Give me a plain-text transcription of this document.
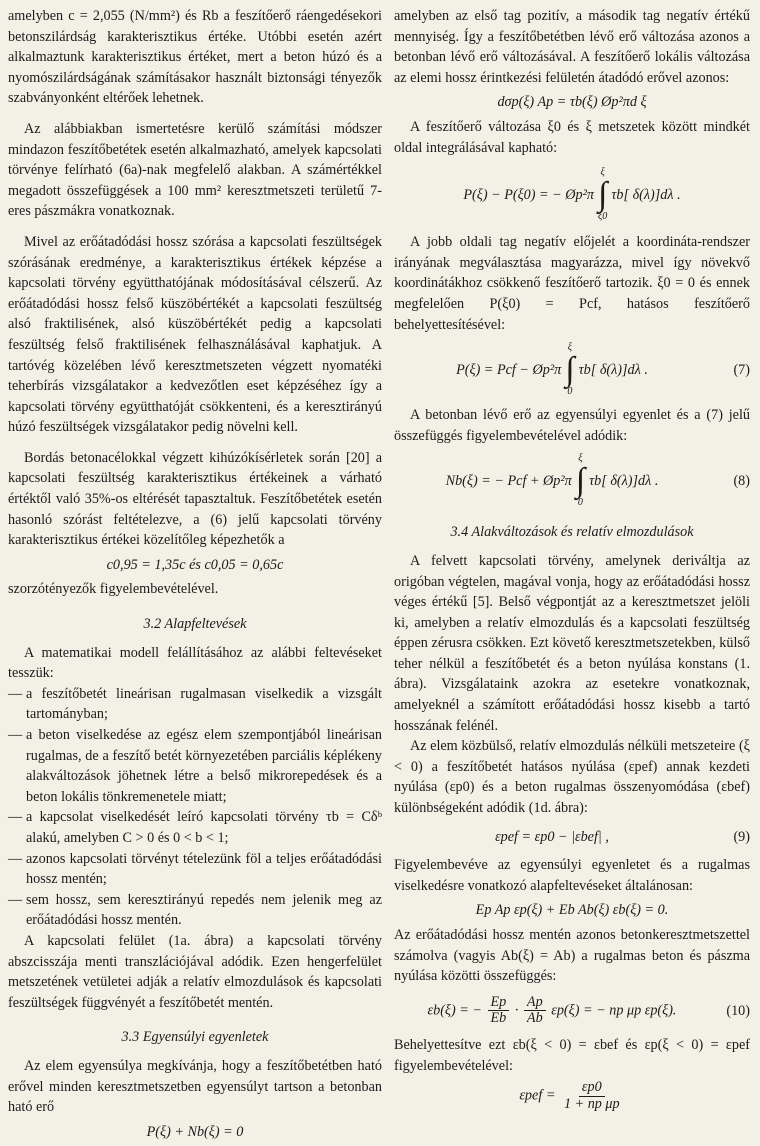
amelyben c = 2,055 (N/mm²) és Rb a feszítőerő ráengedésekori betonszilárdság karakterisztikus értéke. Utóbbi esetén azért alkalmaztunk karakterisztikus értéket, mert a beton húzó és a nyomószilárdságának számításakor használt biztonsági tényezők szabványonként eltérőek lehetnek.

Az alábbiakban ismertetésre kerülő számítási módszer mindazon feszítőbetétek esetén alkalmazható, amelyek kapcsolati törvénye felírható (6a)-nak megfelelő alakban. A számértékkel megadott összefüggések a 100 mm² keresztmetszeti területű 7-eres pászmákra vonatkoznak.

Mivel az erőátadódási hossz szórása a kapcsolati feszültségek szórásának eredménye, a karakterisztikus értékek képzése a kapcsolati törvény együtthatójának módosításával célszerű. Az erőátadódási hossz felső küszöbértékét a kapcsolati feszültség alsó fraktilisének, alsó küszöbértékét pedig a kapcsolati feszültség felső fraktilisének felhasználásával kaphatjuk. A tartóvég közelében lévő keresztmetszeten végzett nyomatéki teherbírás vizsgálatakor a kedvezőtlen eset képzéséhez így a kapcsolati törvény együtthatóját csökkenteni, és a keresztirányú húzó feszültségek vizsgálatakor pedig növelni kell.

Bordás betonacélokkal végzett kihúzókísérletek során [20] a kapcsolati feszültség karakterisztikus értékeinek a várható értéktől való 35%-os eltérését tapasztaltuk. Feszítőbetétek esetén hasonló szórást feltételezve, a (6) jelű kapcsolati törvény karakterisztikus értékei közelítőleg képezhetők a

c0,95 = 1,35c és c0,05 = 0,65c

szorzótényezők figyelembevételével.

3.2 Alapfeltevések

A matematikai modell felállításához az alábbi feltevéseket tesszük:

— a feszítőbetét lineárisan rugalmasan viselkedik a vizsgált tartományban;
— a beton viselkedése az egész elem szempontjából lineárisan rugalmas, de a feszítő betét környezetében parciális képlékeny alakváltozások jöhetnek létre a belső mikrorepedések és a beton lokális tönkremenetele miatt;
— a kapcsolat viselkedését leíró kapcsolati törvény τb = Cδᵇ alakú, amelyben C > 0 és 0 < b < 1;
— azonos kapcsolati törvényt tételezünk föl a teljes erőátadódási hossz mentén;
— sem hossz, sem keresztirányú repedés nem jelenik meg az erőátadódási hossz mentén.

A kapcsolati felület (1a. ábra) a kapcsolati törvény abszcisszája menti transzlációjával adódik. Ezen hengerfelület metszetének vetületei adják a relatív elmozdulások és kapcsolati feszültségek függvényét a feszítőbetét mentén.

3.3 Egyensúlyi egyenletek

Az elem egyensúlya megkívánja, hogy a feszítőbetétben ható erővel minden keresztmetszetben egyensúlyt tartson a betonban ható erő

P(ξ) + Nb(ξ) = 0

amelyben az első tag pozitív, a második tag negatív értékű mennyiség. Így a feszítőbetétben lévő erő változása azonos a betonban lévő erő változásával. A feszítőerő lokális változása az elemi hossz érintkezési felületén átadódó erővel azonos:

dσp(ξ) Ap = τb(ξ) Øp²πd ξ

A feszítőerő változása ξ0 és ξ metszetek között mindkét oldal integrálásával kapható:

P(ξ) − P(ξ0) = − Øp²π
ξ
∫
ξ0
τb[ δ(λ)]dλ .

A jobb oldali tag negatív előjelét a koordináta-rendszer irányának megválasztása magyarázza, mivel így növekvő koordinátákhoz csökkenő feszítőerő tartozik. ξ0 = 0 és ennek megfelelően P(ξ0) = Pcf, hatásos feszítőerő behelyettesítésével:

P(ξ) = Pcf − Øp²π
ξ
∫
0
τb[ δ(λ)]dλ .	(7)

A betonban lévő erő az egyensúlyi egyenlet és a (7) jelű összefüggés figyelembevételével adódik:

Nb(ξ) = − Pcf + Øp²π
ξ
∫
0
τb[ δ(λ)]dλ .	(8)
3.4 Alakváltozások és relatív elmozdulások

A felvett kapcsolati törvény, amelynek deriváltja az origóban végtelen, magával vonja, hogy az erőátadódási hossz véges értékű [5]. Belső végpontját az a keresztmetszet jelöli ki, amelyben a relatív elmozdulás és a kapcsolati feszültség éppen zérusra csökken. Ezt követő keresztmetszetekben, külső teher nélkül a feszítőbetét és a beton nyúlása konstans (1. ábra). Vizsgálataink azokra az esetekre vonatkoznak, amelyeknél a számított erőátadódási hossz kisebb a tartó hosszának felénél.

Az elem közbülső, relatív elmozdulás nélküli metszeteire (ξ < 0) a feszítőbetét hatásos nyúlása (εpef) annak kezdeti nyúlása (εp0) és a beton rugalmas összenyomódása (εbef) különbségeként adódik (1d. ábra):

εpef = εp0 − |εbef| ,	(9)

Figyelembevéve az egyensúlyi egyenletet és a rugalmas viselkedésre vonatkozó alapfeltevéseket általánosan:

Ep Ap εp(ξ) + Eb Ab(ξ) εb(ξ) = 0.

Az erőátadódási hossz mentén azonos betonkeresztmetszettel számolva (vagyis Ab(ξ) = Ab) a rugalmas beton és pászma nyúlása közötti összefüggés:

εb(ξ) = − $\frac{Ep}{Eb} \cdot \frac{Ap}{Ab} \varepsilon p(\xi)$ = − np μp εp(ξ).	(10)

Behelyettesítve ezt εb(ξ < 0) = εbef és εp(ξ < 0) = εpef figyelembevételével:

$\varepsilon pef = \frac{\varepsilon p0}{\text{1 + np μp}}$
